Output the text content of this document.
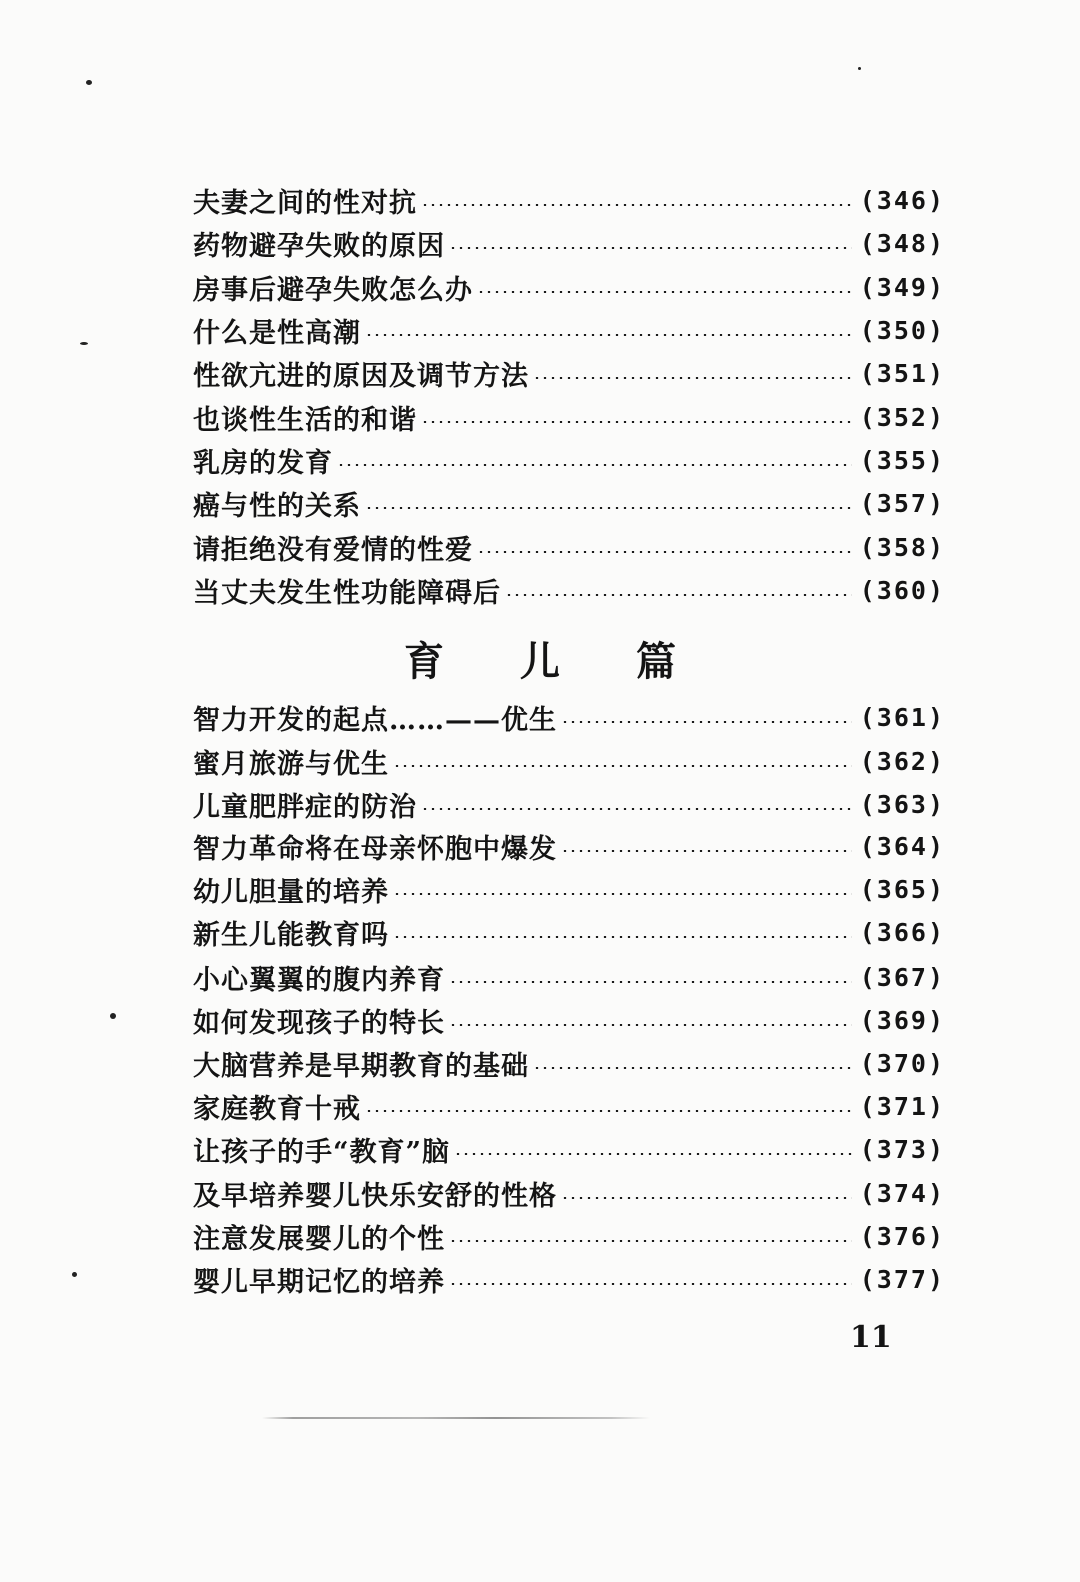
夫妻之间的性对抗	(346)
药物避孕失败的原因	(348)
房事后避孕失败怎么办	(349)
什么是性高潮	(350)
性欲亢进的原因及调节方法	(351)
也谈性生活的和谐	(352)
乳房的发育	(355)
癌与性的关系	(357)
请拒绝没有爱情的性爱	(358)
当丈夫发生性功能障碍后	(360)
育儿篇
智力开发的起点……——优生	(361)
蜜月旅游与优生	(362)
儿童肥胖症的防治	(363)
智力革命将在母亲怀胞中爆发	(364)
幼儿胆量的培养	(365)
新生儿能教育吗	(366)
小心翼翼的腹内养育	(367)
如何发现孩子的特长	(369)
大脑营养是早期教育的基础	(370)
家庭教育十戒	(371)
让孩子的手“教育”脑	(373)
及早培养婴儿快乐安舒的性格	(374)
注意发展婴儿的个性	(376)
婴儿早期记忆的培养	(377)
11
